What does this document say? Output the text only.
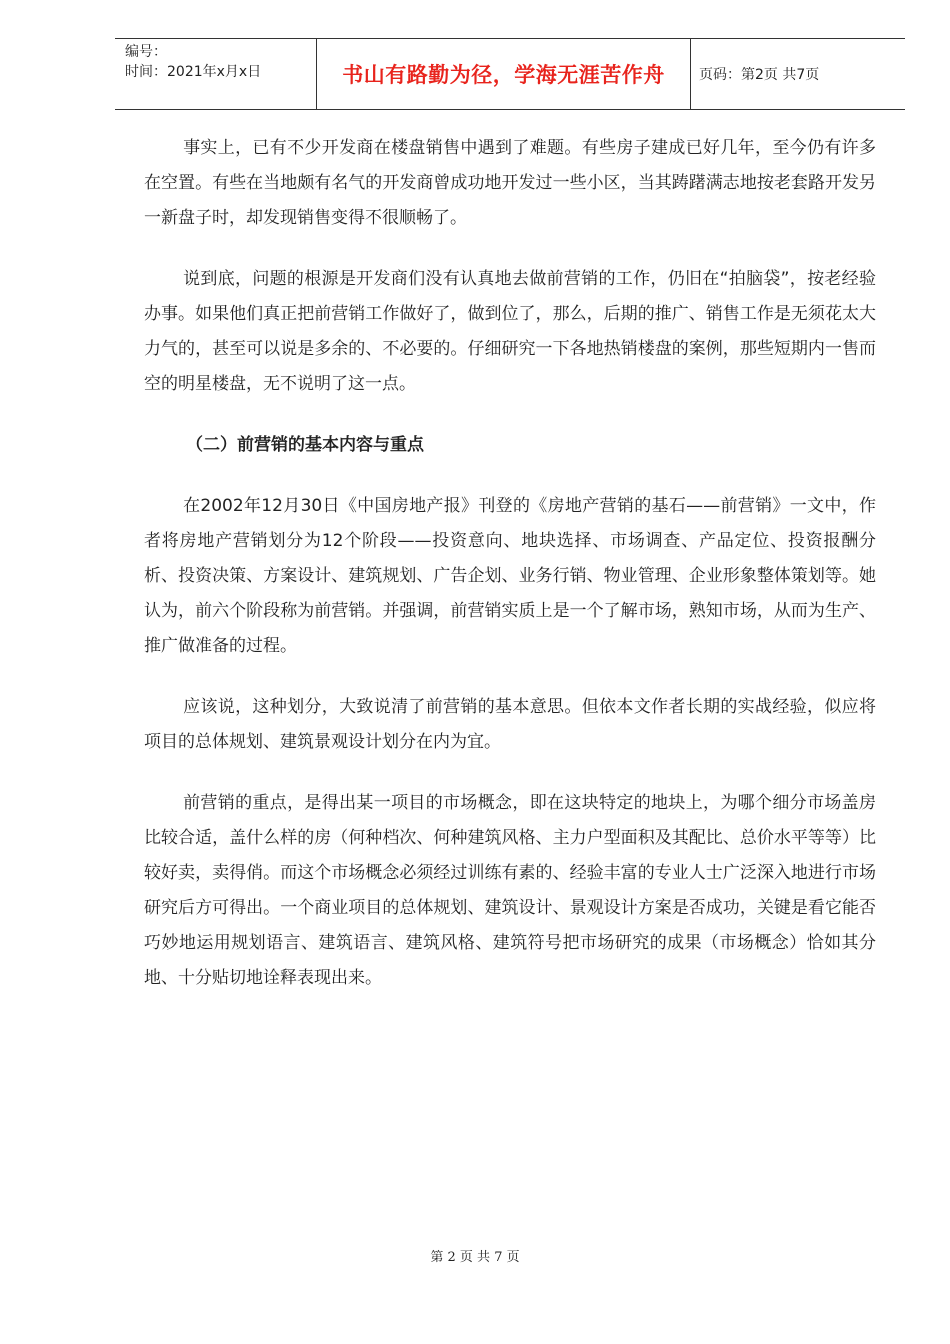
编号：
时间：2021年x月x日	书山有路勤为径，学海无涯苦作舟	页码：第2页 共7页

事实上，已有不少开发商在楼盘销售中遇到了难题。有些房子建成已好几年，至今仍有许多在空置。有些在当地颇有名气的开发商曾成功地开发过一些小区，当其踌躇满志地按老套路开发另一新盘子时，却发现销售变得不很顺畅了。

说到底，问题的根源是开发商们没有认真地去做前营销的工作，仍旧在“拍脑袋”，按老经验办事。如果他们真正把前营销工作做好了，做到位了，那么，后期的推广、销售工作是无须花太大力气的，甚至可以说是多余的、不必要的。仔细研究一下各地热销楼盘的案例，那些短期内一售而空的明星楼盘，无不说明了这一点。

（二）前营销的基本内容与重点

在2002年12月30日《中国房地产报》刊登的《房地产营销的基石——前营销》一文中，作者将房地产营销划分为12个阶段——投资意向、地块选择、市场调查、产品定位、投资报酬分析、投资决策、方案设计、建筑规划、广告企划、业务行销、物业管理、企业形象整体策划等。她认为，前六个阶段称为前营销。并强调，前营销实质上是一个了解市场，熟知市场，从而为生产、推广做准备的过程。

应该说，这种划分，大致说清了前营销的基本意思。但依本文作者长期的实战经验，似应将项目的总体规划、建筑景观设计划分在内为宜。

前营销的重点，是得出某一项目的市场概念，即在这块特定的地块上，为哪个细分市场盖房比较合适，盖什么样的房（何种档次、何种建筑风格、主力户型面积及其配比、总价水平等等）比较好卖，卖得俏。而这个市场概念必须经过训练有素的、经验丰富的专业人士广泛深入地进行市场研究后方可得出。一个商业项目的总体规划、建筑设计、景观设计方案是否成功，关键是看它能否巧妙地运用规划语言、建筑语言、建筑风格、建筑符号把市场研究的成果（市场概念）恰如其分地、十分贴切地诠释表现出来。

第 2 页 共 7 页
